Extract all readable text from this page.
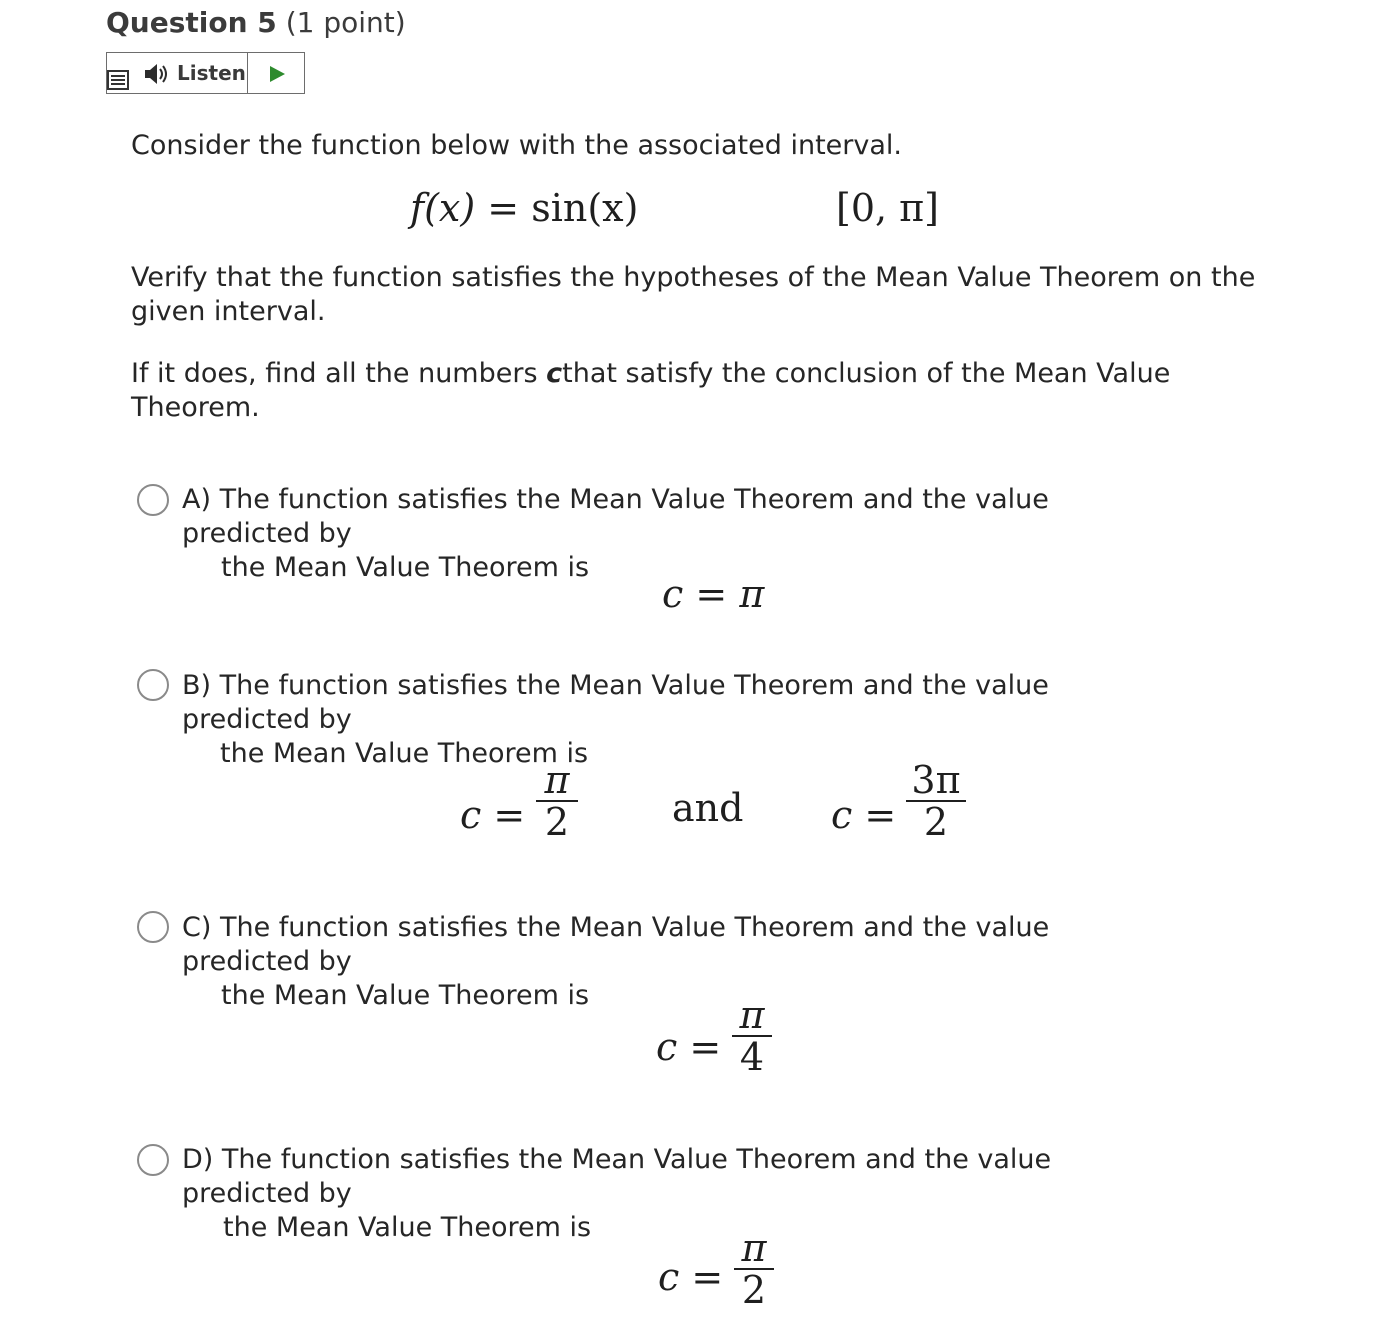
Question 5 (1 point)
Listen
Consider the function below with the associated interval.
f(x) = sin(x)	[0, π]
Verify that the function satisfies the hypotheses of the Mean Value Theorem on the
given interval.
If it does, find all the numbers cthat satisfy the conclusion of the Mean Value
Theorem.
A) The function satisfies the Mean Value Theorem and the value predicted by
the Mean Value Theorem is
c = π
B) The function satisfies the Mean Value Theorem and the value predicted by
the Mean Value Theorem is
c =
π
2	and c =
3π
2
C) The function satisfies the Mean Value Theorem and the value predicted by
the Mean Value Theorem is
c =
π
4
D) The function satisfies the Mean Value Theorem and the value predicted by
the Mean Value Theorem is
c =
π
2
